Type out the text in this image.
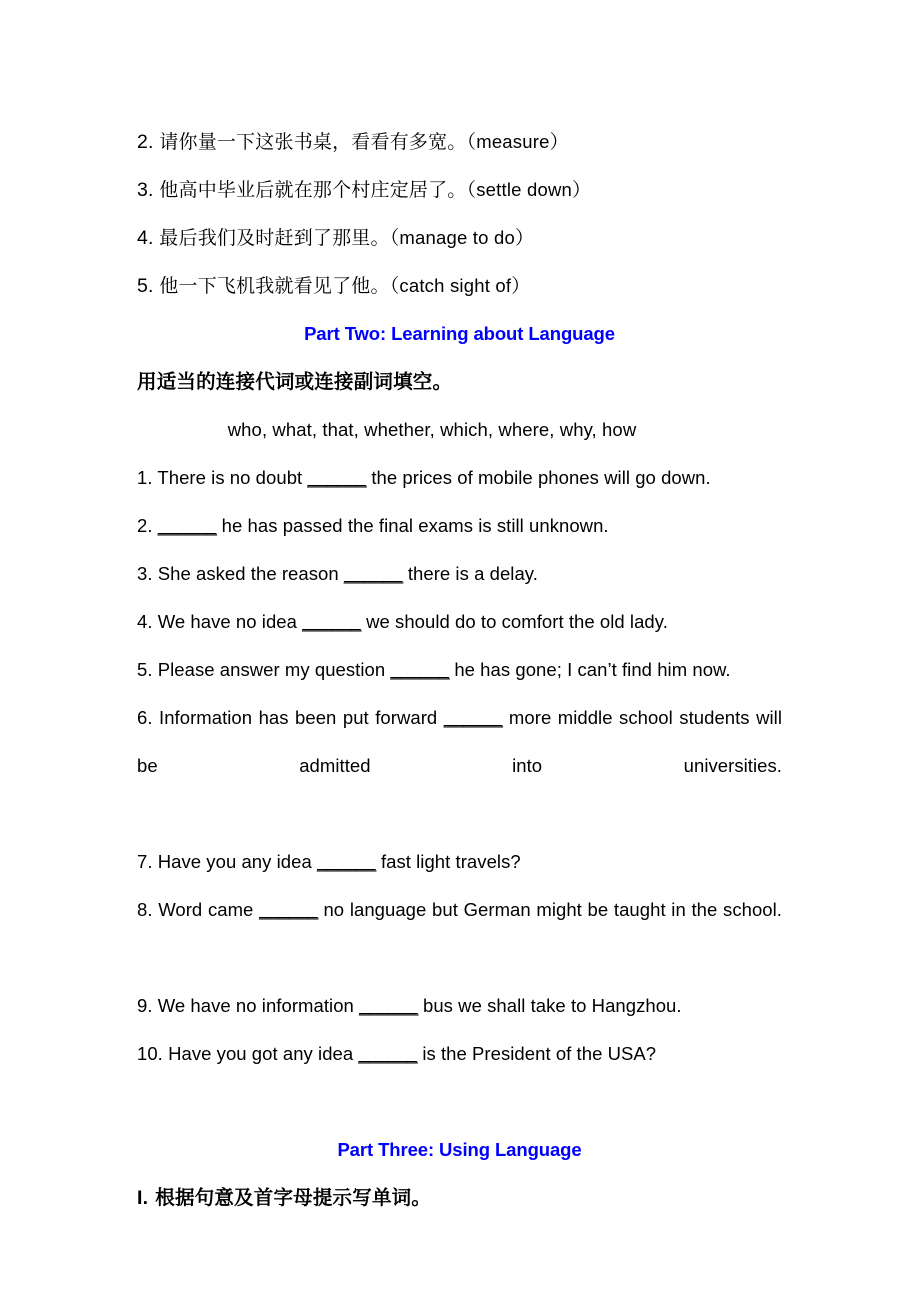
2. 请你量一下这张书桌，看看有多宽。（measure）
3. 他高中毕业后就在那个村庄定居了。（settle down）
4. 最后我们及时赶到了那里。（manage to do）
5. 他一下飞机我就看见了他。（catch sight of）
Part Two: Learning about Language
用适当的连接代词或连接副词填空。
who, what, that, whether, which, where, why, how
1. There is no doubt ______ the prices of mobile phones will go down.
2. ______ he has passed the final exams is still unknown.
3. She asked the reason ______ there is a delay.
4. We have no idea ______ we should do to comfort the old lady.
5. Please answer my question ______ he has gone; I can’t find him now.
6. Information has been put forward ______ more middle school students will be admitted into universities.
7. Have you any idea ______ fast light travels?
8. Word came ______ no language but German might be taught in the school.
9. We have no information ______ bus we shall take to Hangzhou.
10. Have you got any idea ______ is the President of the USA?
Part Three: Using Language
I. 根据句意及首字母提示写单词。
